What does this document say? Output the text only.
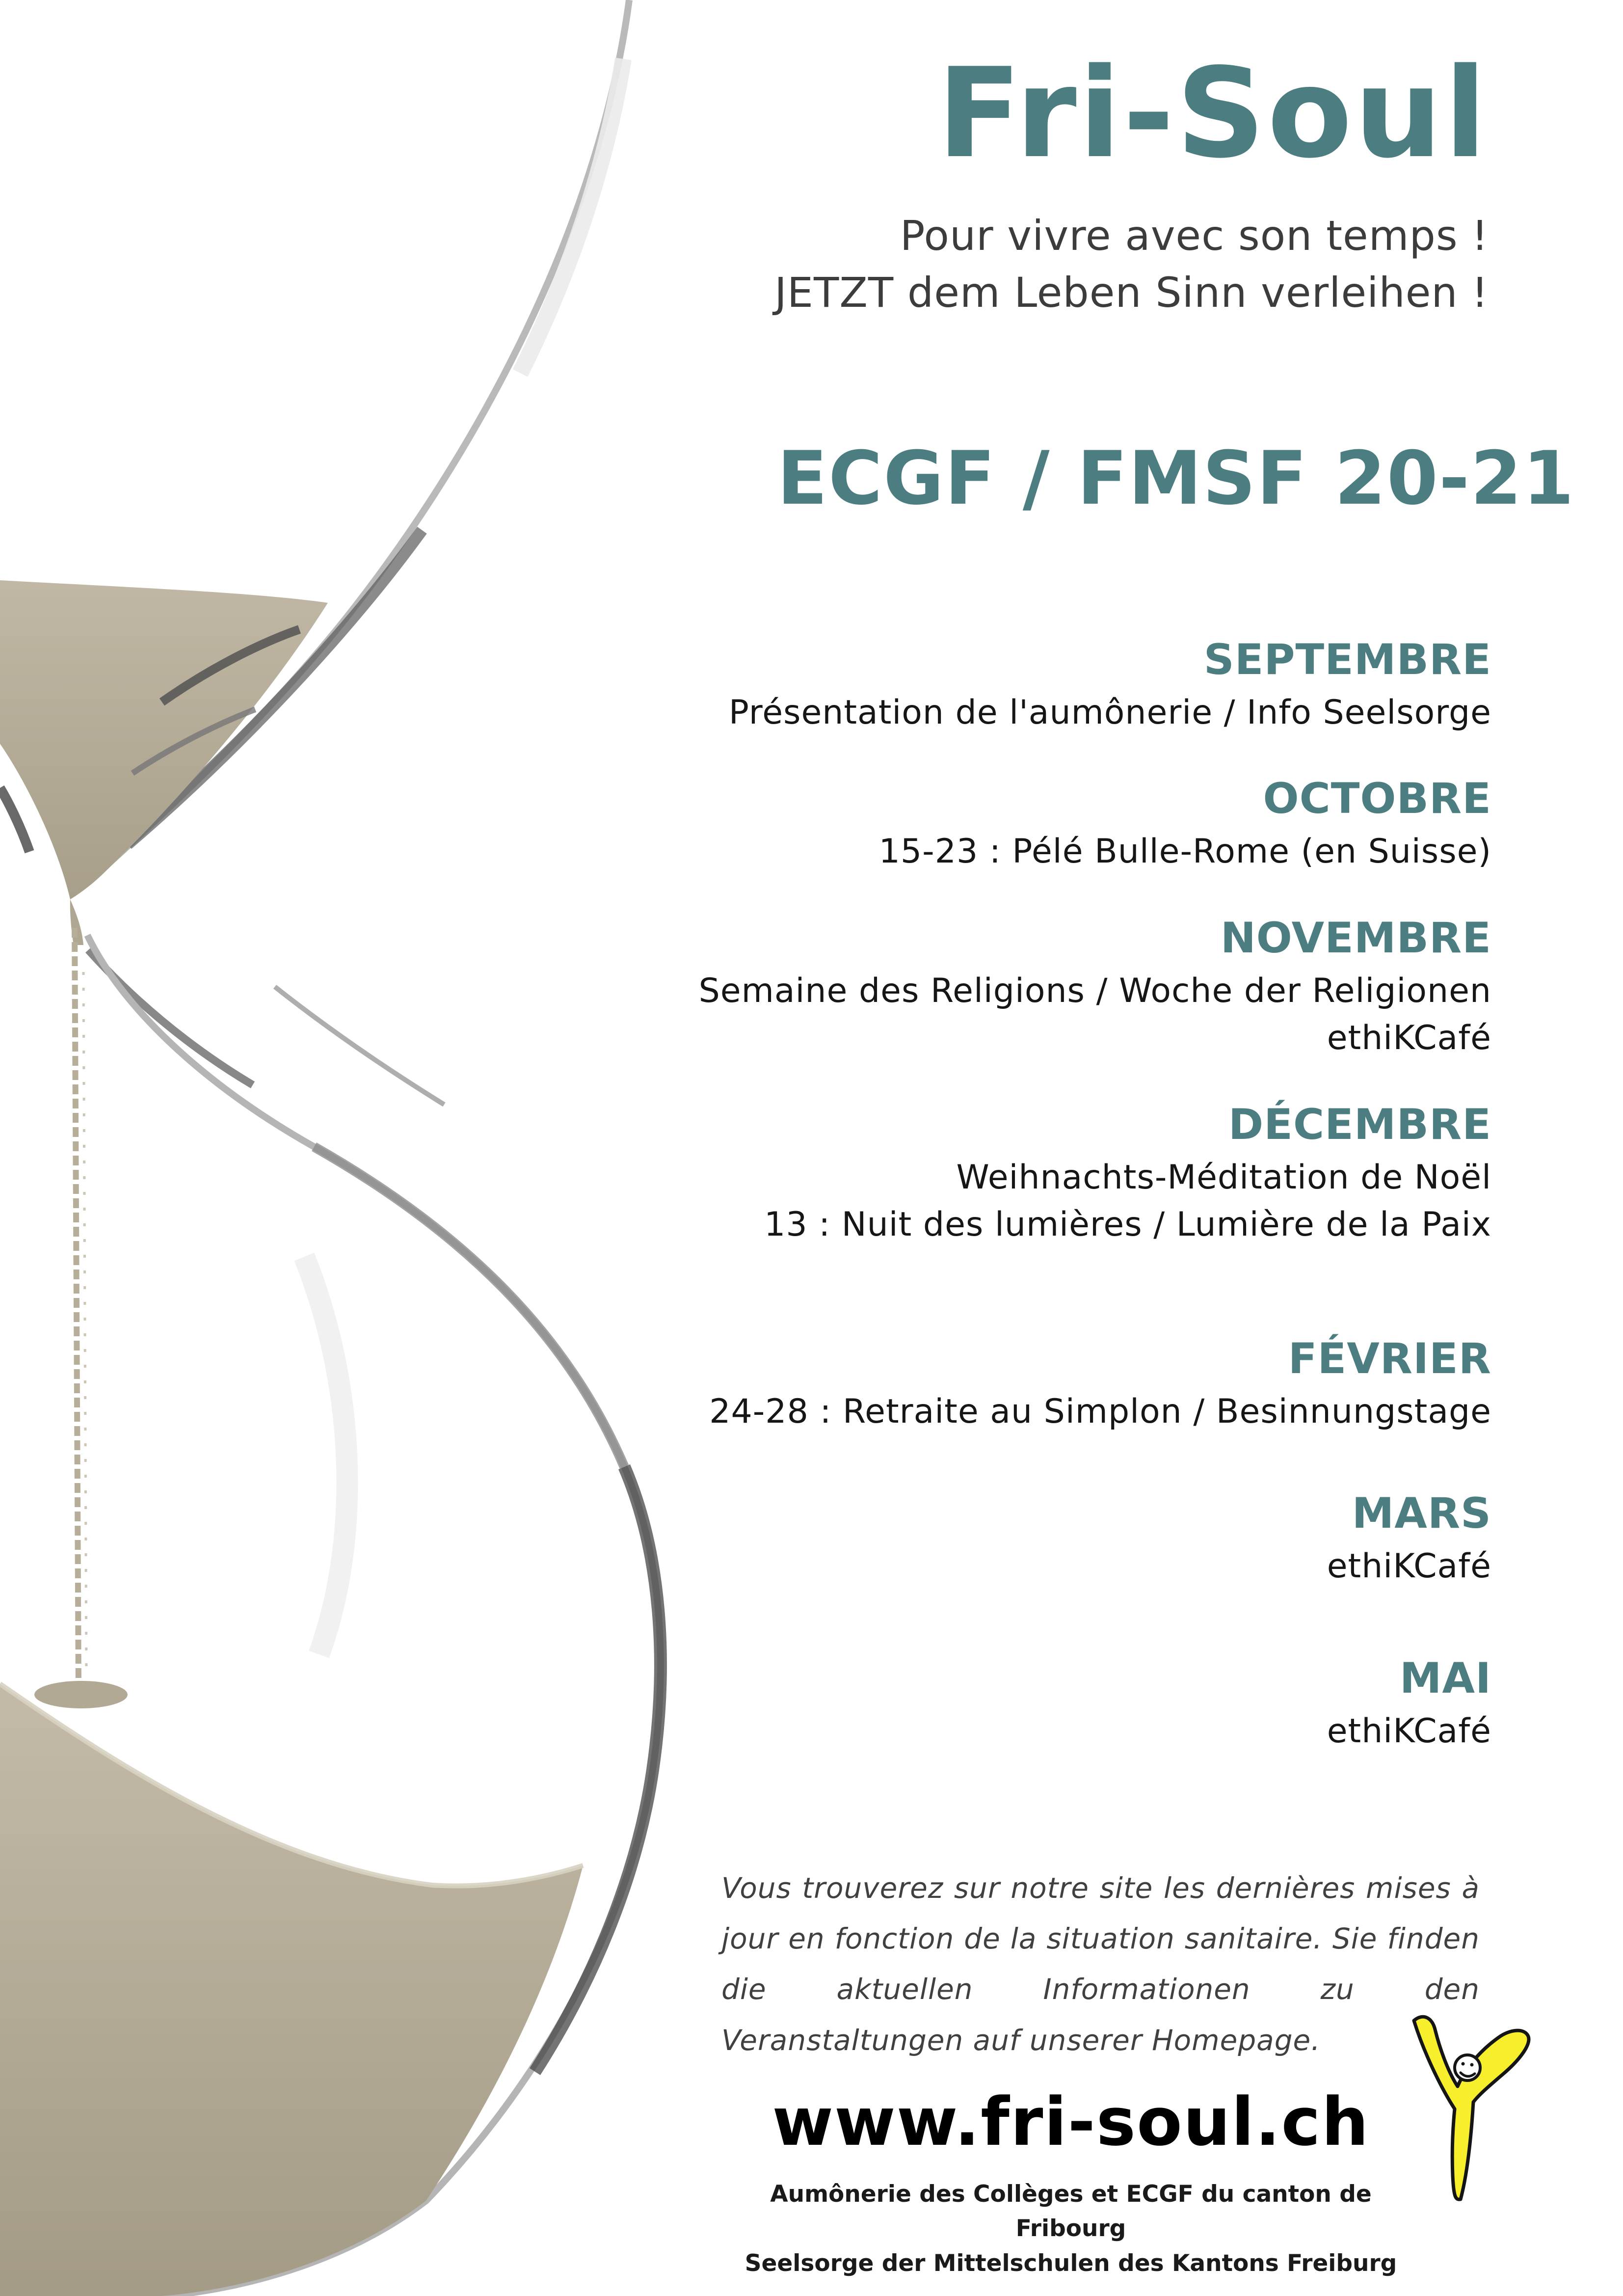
Fri-Soul
Pour vivre avec son temps !
JETZT dem Leben Sinn verleihen !
ECGF / FMSF 20-21
SEPTEMBRE
Présentation de l'aumônerie / Info Seelsorge
OCTOBRE
15-23 : Pélé Bulle-Rome (en Suisse)
NOVEMBRE
Semaine des Religions / Woche der Religionen
ethiKCafé
DÉCEMBRE
Weihnachts-Méditation de Noël
13 : Nuit des lumières / Lumière de la Paix
FÉVRIER
24-28 : Retraite au Simplon / Besinnungstage
MARS
ethiKCafé
MAI
ethiKCafé
Vous trouverez sur notre site les dernières mises à jour en fonction de la situation sanitaire. Sie finden die aktuellen Informationen zu den Veranstaltungen auf unserer Homepage.
www.fri-soul.ch
Aumônerie des Collèges et ECGF du canton de Fribourg
Seelsorge der Mittelschulen des Kantons Freiburg
